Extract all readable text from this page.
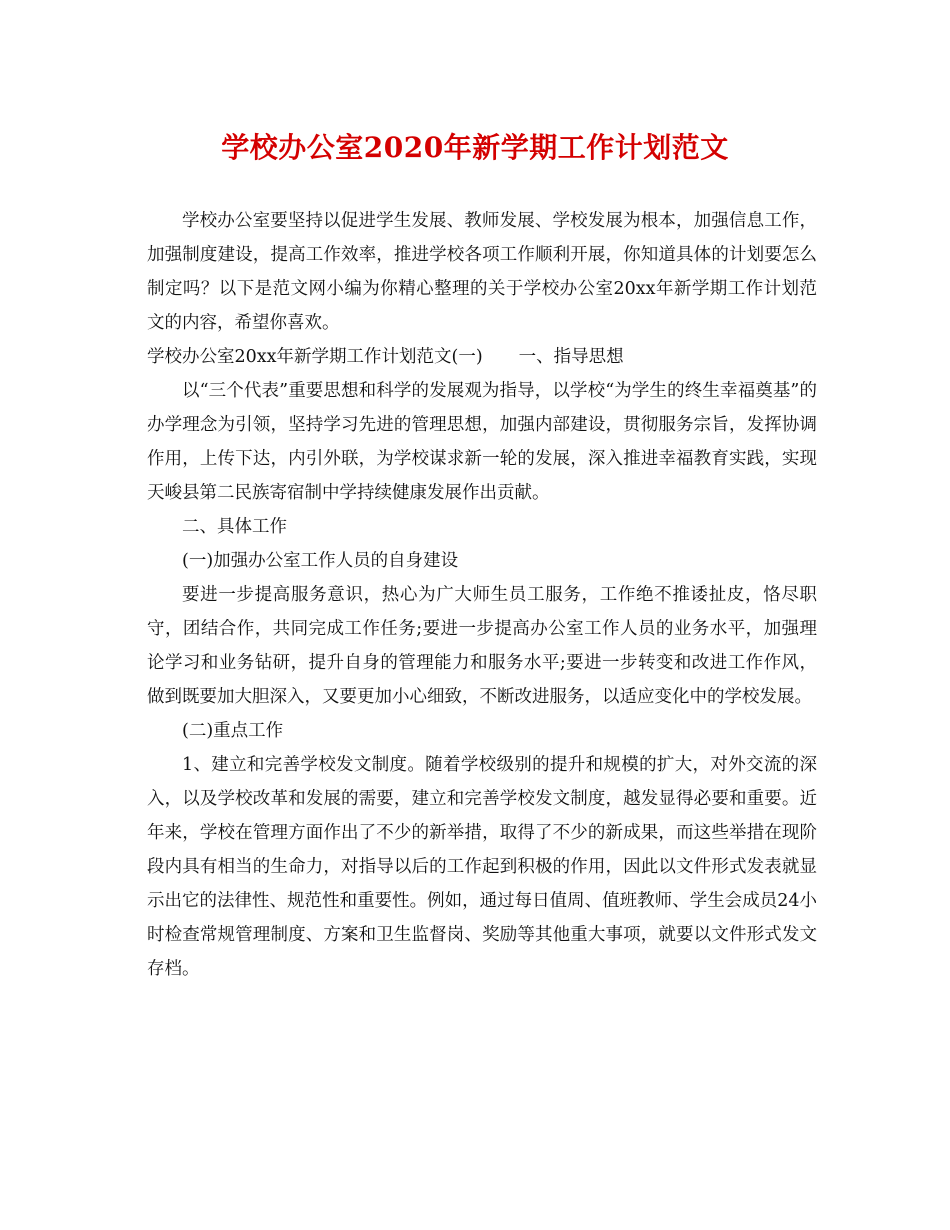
学校办公室2020年新学期工作计划范文

学校办公室要坚持以促进学生发展、教师发展、学校发展为根本，加强信息工作，加强制度建设，提高工作效率，推进学校各项工作顺利开展，你知道具体的计划要怎么制定吗？以下是范文网小编为你精心整理的关于学校办公室20xx年新学期工作计划范文的内容，希望你喜欢。

学校办公室20xx年新学期工作计划范文(一) 一、指导思想

以“三个代表”重要思想和科学的发展观为指导，以学校“为学生的终生幸福奠基”的办学理念为引领，坚持学习先进的管理思想，加强内部建设，贯彻服务宗旨，发挥协调作用，上传下达，内引外联，为学校谋求新一轮的发展，深入推进幸福教育实践，实现天峻县第二民族寄宿制中学持续健康发展作出贡献。

二、具体工作

(一)加强办公室工作人员的自身建设

要进一步提高服务意识，热心为广大师生员工服务，工作绝不推诿扯皮，恪尽职守，团结合作，共同完成工作任务;要进一步提高办公室工作人员的业务水平，加强理论学习和业务钻研，提升自身的管理能力和服务水平;要进一步转变和改进工作作风，做到既要加大胆深入，又要更加小心细致，不断改进服务，以适应变化中的学校发展。

(二)重点工作

1、建立和完善学校发文制度。随着学校级别的提升和规模的扩大，对外交流的深入，以及学校改革和发展的需要，建立和完善学校发文制度，越发显得必要和重要。近年来，学校在管理方面作出了不少的新举措，取得了不少的新成果，而这些举措在现阶段内具有相当的生命力，对指导以后的工作起到积极的作用，因此以文件形式发表就显示出它的法律性、规范性和重要性。例如，通过每日值周、值班教师、学生会成员24小时检查常规管理制度、方案和卫生监督岗、奖励等其他重大事项，就要以文件形式发文存档。
